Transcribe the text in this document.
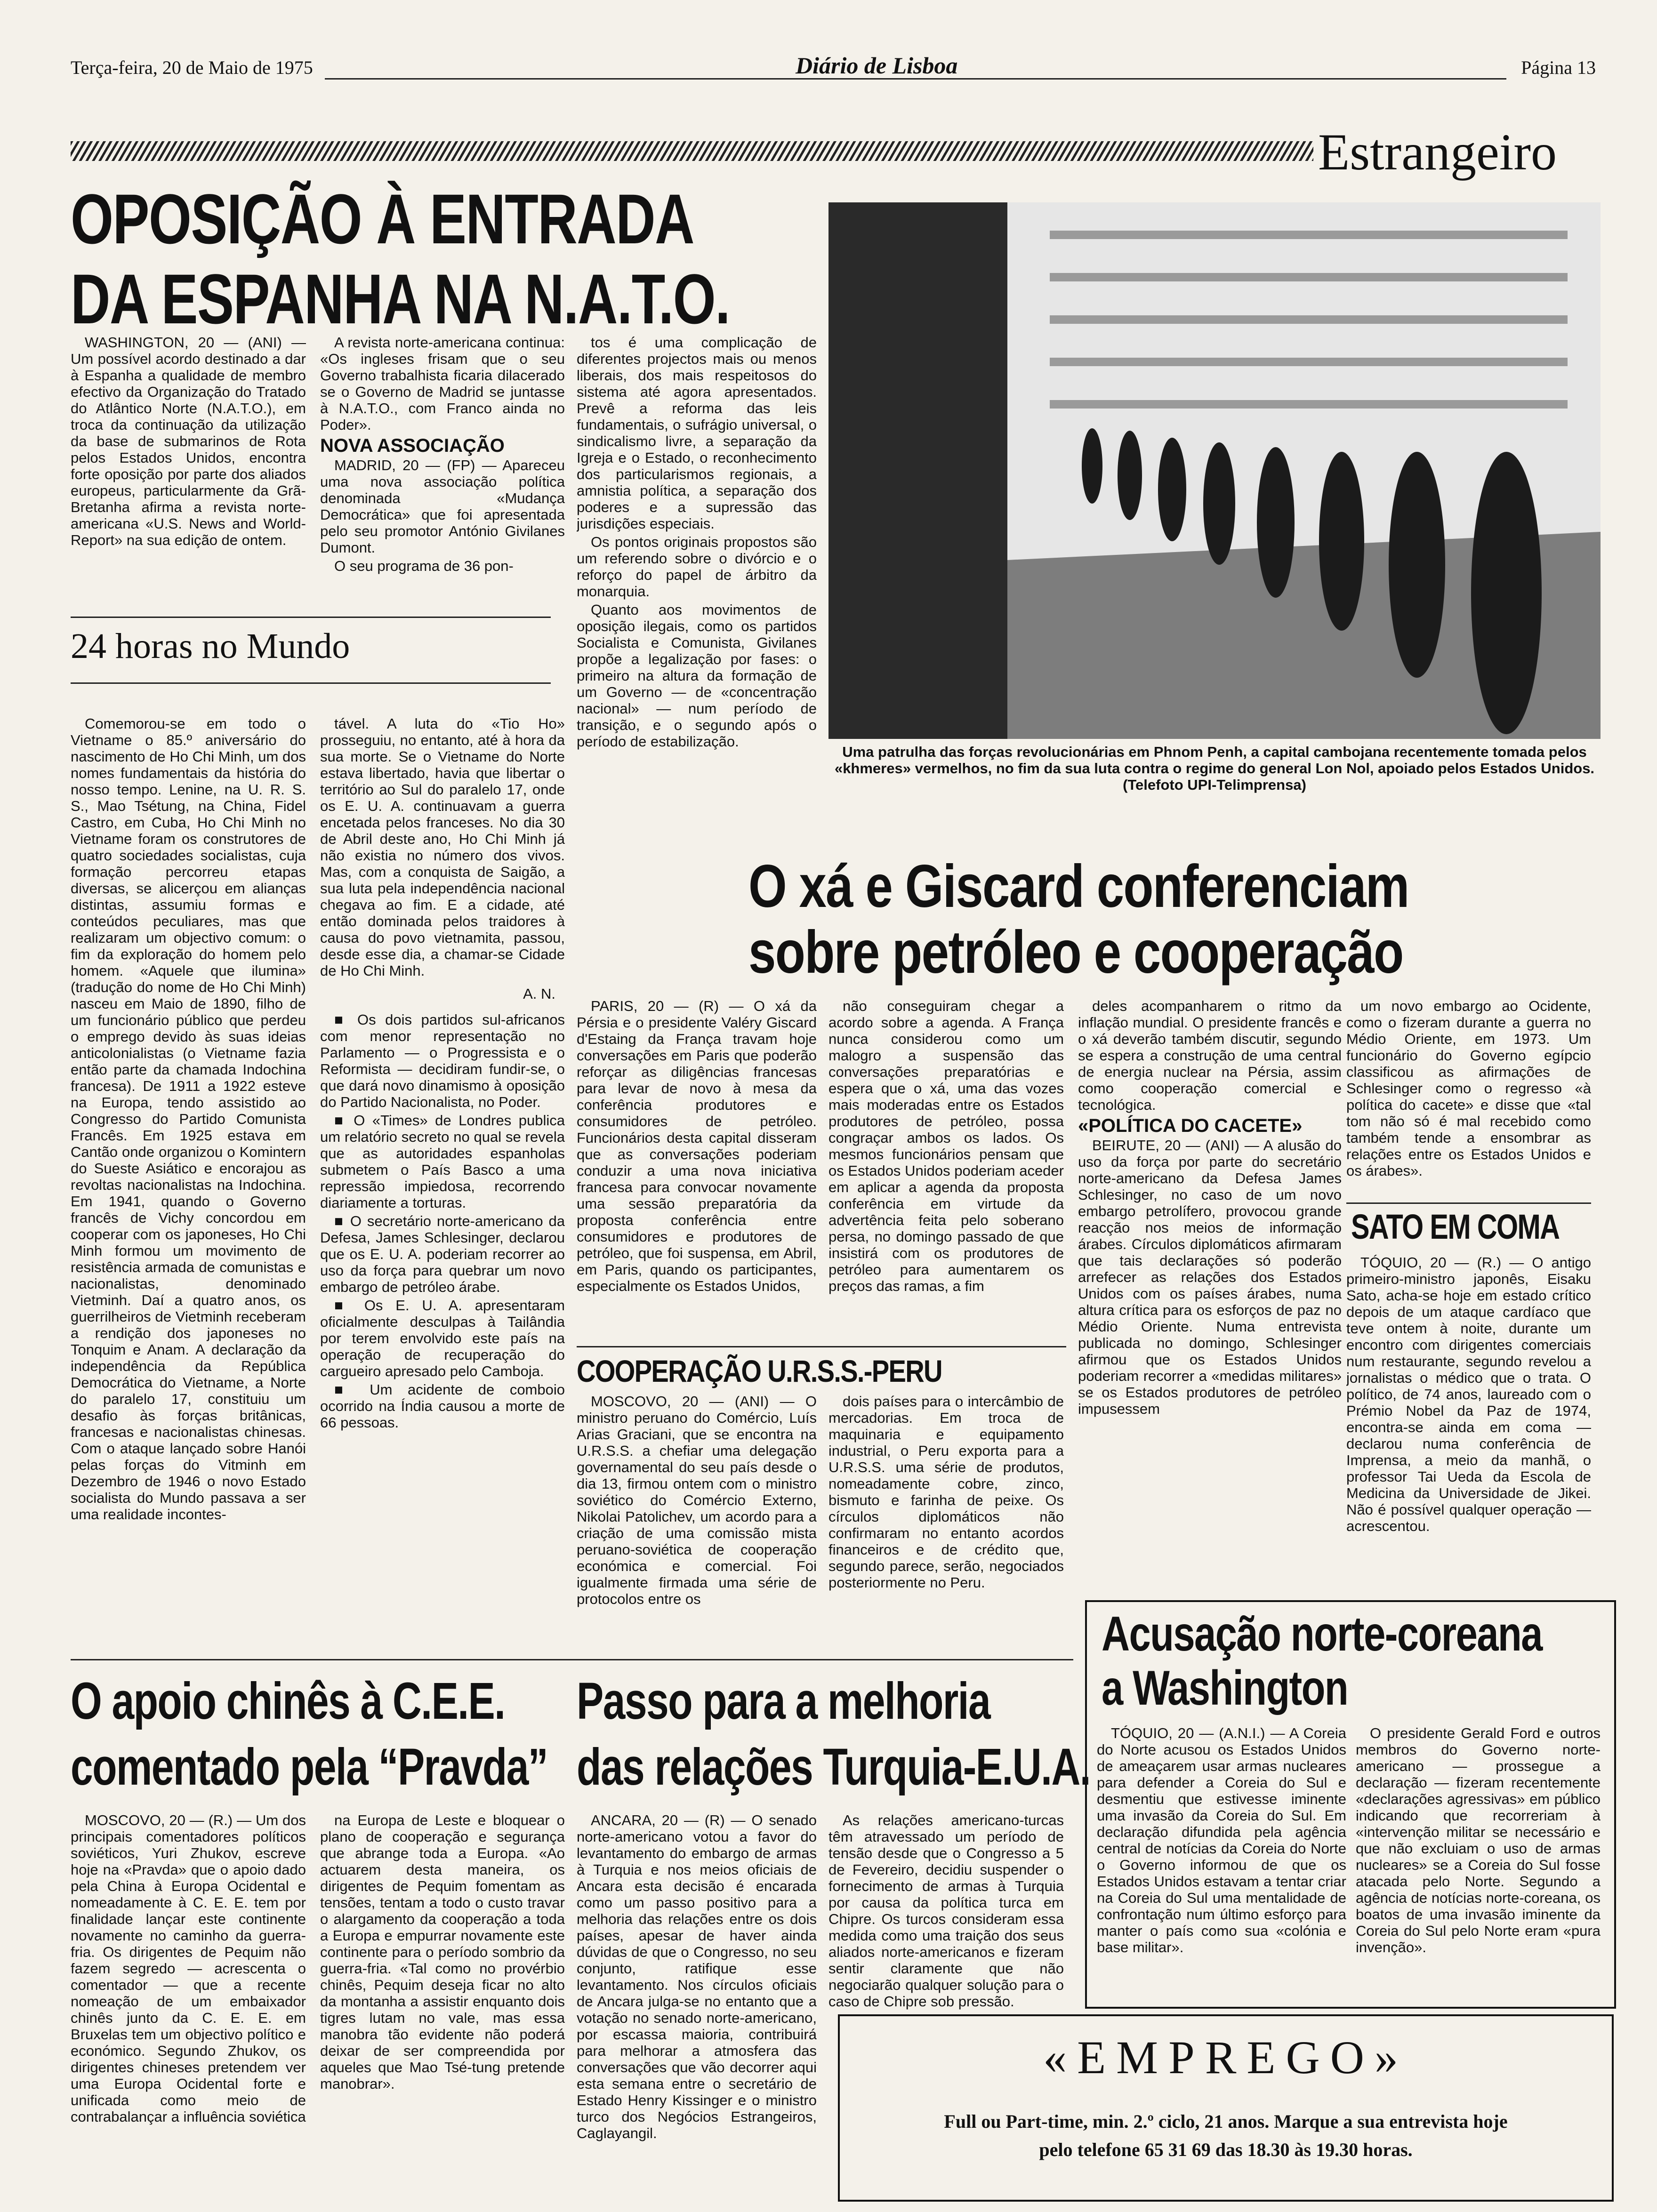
Terça-feira, 20 de Maio de 1975	Diário de Lisboa	Página 13
Estrangeiro
OPOSIÇÃO À ENTRADA
DA ESPANHA NA N.A.T.O.

WASHINGTON, 20 — (ANI) — Um possível acordo destinado a dar à Espanha a qualidade de membro efectivo da Organização do Tratado do Atlântico Norte (N.A.T.O.), em troca da continuação da utilização da base de submarinos de Rota pelos Estados Unidos, encontra forte oposição por parte dos aliados europeus, particularmente da Grã-Bretanha afirma a revista norte-americana «U.S. News and World-Report» na sua edição de ontem.

A revista norte-americana continua: «Os ingleses frisam que o seu Governo trabalhista ficaria dilacerado se o Governo de Madrid se juntasse à N.A.T.O., com Franco ainda no Poder».

NOVA ASSOCIAÇÃO

MADRID, 20 — (FP) — Apareceu uma nova associação política denominada «Mudança Democrática» que foi apresentada pelo seu promotor António Givilanes Dumont.

O seu programa de 36 pon-

tos é uma complicação de diferentes projectos mais ou menos liberais, dos mais respeitosos do sistema até agora apresentados. Prevê a reforma das leis fundamentais, o sufrágio universal, o sindicalismo livre, a separação da Igreja e o Estado, o reconhecimento dos particularismos regionais, a amnistia política, a separação dos poderes e a supressão das jurisdições especiais.

Os pontos originais propostos são um referendo sobre o divórcio e o reforço do papel de árbitro da monarquia.

Quanto aos movimentos de oposição ilegais, como os partidos Socialista e Comunista, Givilanes propõe a legalização por fases: o primeiro na altura da formação de um Governo — de «concentração nacional» — num período de transição, e o segundo após o período de estabilização.

Uma patrulha das forças revolucionárias em Phnom Penh, a capital cambojana recentemente tomada pelos «khmeres» vermelhos, no fim da sua luta contra o regime do general Lon Nol, apoiado pelos Estados Unidos. (Telefoto UPI-Telimprensa)
24 horas no Mundo

Comemorou-se em todo o Vietname o 85.º aniversário do nascimento de Ho Chi Minh, um dos nomes fundamentais da história do nosso tempo. Lenine, na U. R. S. S., Mao Tsétung, na China, Fidel Castro, em Cuba, Ho Chi Minh no Vietname foram os construtores de quatro sociedades socialistas, cuja formação percorreu etapas diversas, se alicerçou em alianças distintas, assumiu formas e conteúdos peculiares, mas que realizaram um objectivo comum: o fim da exploração do homem pelo homem. «Aquele que ilumina» (tradução do nome de Ho Chi Minh) nasceu em Maio de 1890, filho de um funcionário público que perdeu o emprego devido às suas ideias anticolonialistas (o Vietname fazia então parte da chamada Indochina francesa). De 1911 a 1922 esteve na Europa, tendo assistido ao Congresso do Partido Comunista Francês. Em 1925 estava em Cantão onde organizou o Komintern do Sueste Asiático e encorajou as revoltas nacionalistas na Indochina. Em 1941, quando o Governo francês de Vichy concordou em cooperar com os japoneses, Ho Chi Minh formou um movimento de resistência armada de comunistas e nacionalistas, denominado Vietminh. Daí a quatro anos, os guerrilheiros de Vietminh receberam a rendição dos japoneses no Tonquim e Anam. A declaração da independência da República Democrática do Vietname, a Norte do paralelo 17, constituiu um desafio às forças britânicas, francesas e nacionalistas chinesas. Com o ataque lançado sobre Hanói pelas forças do Vitminh em Dezembro de 1946 o novo Estado socialista do Mundo passava a ser uma realidade incontes-

tável. A luta do «Tio Ho» prosseguiu, no entanto, até à hora da sua morte. Se o Vietname do Norte estava libertado, havia que libertar o território ao Sul do paralelo 17, onde os E. U. A. continuavam a guerra encetada pelos franceses. No dia 30 de Abril deste ano, Ho Chi Minh já não existia no número dos vivos. Mas, com a conquista de Saigão, a sua luta pela independência nacional chegava ao fim. E a cidade, até então dominada pelos traidores à causa do povo vietnamita, passou, desde esse dia, a chamar-se Cidade de Ho Chi Minh.

A. N.

■ Os dois partidos sul-africanos com menor representação no Parlamento — o Progressista e o Reformista — decidiram fundir-se, o que dará novo dinamismo à oposição do Partido Nacionalista, no Poder.

■ O «Times» de Londres publica um relatório secreto no qual se revela que as autoridades espanholas submetem o País Basco a uma repressão impiedosa, recorrendo diariamente a torturas.

■ O secretário norte-americano da Defesa, James Schlesinger, declarou que os E. U. A. poderiam recorrer ao uso da força para quebrar um novo embargo de petróleo árabe.

■ Os E. U. A. apresentaram oficialmente desculpas à Tailândia por terem envolvido este país na operação de recuperação do cargueiro apresado pelo Camboja.

■ Um acidente de comboio ocorrido na Índia causou a morte de 66 pessoas.

O xá e Giscard conferenciam
sobre petróleo e cooperação

PARIS, 20 — (R) — O xá da Pérsia e o presidente Valéry Giscard d'Estaing da França travam hoje conversações em Paris que poderão reforçar as diligências francesas para levar de novo à mesa da conferência produtores e consumidores de petróleo. Funcionários desta capital disseram que as conversações poderiam conduzir a uma nova iniciativa francesa para convocar novamente uma sessão preparatória da proposta conferência entre consumidores e produtores de petróleo, que foi suspensa, em Abril, em Paris, quando os participantes, especialmente os Estados Unidos,

não conseguiram chegar a acordo sobre a agenda. A França nunca considerou como um malogro a suspensão das conversações preparatórias e espera que o xá, uma das vozes mais moderadas entre os Estados produtores de petróleo, possa congraçar ambos os lados. Os mesmos funcionários pensam que os Estados Unidos poderiam aceder em aplicar a agenda da proposta conferência em virtude da advertência feita pelo soberano persa, no domingo passado de que insistirá com os produtores de petróleo para aumentarem os preços das ramas, a fim

deles acompanharem o ritmo da inflação mundial. O presidente francês e o xá deverão também discutir, segundo se espera a construção de uma central de energia nuclear na Pérsia, assim como cooperação comercial e tecnológica.

«POLÍTICA DO CACETE»

BEIRUTE, 20 — (ANI) — A alusão do uso da força por parte do secretário norte-americano da Defesa James Schlesinger, no caso de um novo embargo petrolífero, provocou grande reacção nos meios de informação árabes. Círculos diplomáticos afirmaram que tais declarações só poderão arrefecer as relações dos Estados Unidos com os países árabes, numa altura crítica para os esforços de paz no Médio Oriente. Numa entrevista publicada no domingo, Schlesinger afirmou que os Estados Unidos poderiam recorrer a «medidas militares» se os Estados produtores de petróleo impusessem

um novo embargo ao Ocidente, como o fizeram durante a guerra no Médio Oriente, em 1973. Um funcionário do Governo egípcio classificou as afirmações de Schlesinger como o regresso «à política do cacete» e disse que «tal tom não só é mal recebido como também tende a ensombrar as relações entre os Estados Unidos e os árabes».

SATO EM COMA

TÓQUIO, 20 — (R.) — O antigo primeiro-ministro japonês, Eisaku Sato, acha-se hoje em estado crítico depois de um ataque cardíaco que teve ontem à noite, durante um encontro com dirigentes comerciais num restaurante, segundo revelou a jornalistas o médico que o trata. O político, de 74 anos, laureado com o Prémio Nobel da Paz de 1974, encontra-se ainda em coma — declarou numa conferência de Imprensa, a meio da manhã, o professor Tai Ueda da Escola de Medicina da Universidade de Jikei. Não é possível qualquer operação — acrescentou.

COOPERAÇÃO U.R.S.S.-PERU

MOSCOVO, 20 — (ANI) — O ministro peruano do Comércio, Luís Arias Graciani, que se encontra na U.R.S.S. a chefiar uma delegação governamental do seu país desde o dia 13, firmou ontem com o ministro soviético do Comércio Externo, Nikolai Patolichev, um acordo para a criação de uma comissão mista peruano-soviética de cooperação económica e comercial. Foi igualmente firmada uma série de protocolos entre os

dois países para o intercâmbio de mercadorias. Em troca de maquinaria e equipamento industrial, o Peru exporta para a U.R.S.S. uma série de produtos, nomeadamente cobre, zinco, bismuto e farinha de peixe. Os círculos diplomáticos não confirmaram no entanto acordos financeiros e de crédito que, segundo parece, serão, negociados posteriormente no Peru.

O apoio chinês à C.E.E.
comentado pela “Pravda”

MOSCOVO, 20 — (R.) — Um dos principais comentadores políticos soviéticos, Yuri Zhukov, escreve hoje na «Pravda» que o apoio dado pela China à Europa Ocidental e nomeadamente à C. E. E. tem por finalidade lançar este continente novamente no caminho da guerra-fria. Os dirigentes de Pequim não fazem segredo — acrescenta o comentador — que a recente nomeação de um embaixador chinês junto da C. E. E. em Bruxelas tem um objectivo político e económico. Segundo Zhukov, os dirigentes chineses pretendem ver uma Europa Ocidental forte e unificada como meio de contrabalançar a influência soviética

na Europa de Leste e bloquear o plano de cooperação e segurança que abrange toda a Europa. «Ao actuarem desta maneira, os dirigentes de Pequim fomentam as tensões, tentam a todo o custo travar o alargamento da cooperação a toda a Europa e empurrar novamente este continente para o período sombrio da guerra-fria. «Tal como no provérbio chinês, Pequim deseja ficar no alto da montanha a assistir enquanto dois tigres lutam no vale, mas essa manobra tão evidente não poderá deixar de ser compreendida por aqueles que Mao Tsé-tung pretende manobrar».

Passo para a melhoria
das relações Turquia-E.U.A.

ANCARA, 20 — (R) — O senado norte-americano votou a favor do levantamento do embargo de armas à Turquia e nos meios oficiais de Ancara esta decisão é encarada como um passo positivo para a melhoria das relações entre os dois países, apesar de haver ainda dúvidas de que o Congresso, no seu conjunto, ratifique esse levantamento. Nos círculos oficiais de Ancara julga-se no entanto que a votação no senado norte-americano, por escassa maioria, contribuirá para melhorar a atmosfera das conversações que vão decorrer aqui esta semana entre o secretário de Estado Henry Kissinger e o ministro turco dos Negócios Estrangeiros, Caglayangil.

As relações americano-turcas têm atravessado um período de tensão desde que o Congresso a 5 de Fevereiro, decidiu suspender o fornecimento de armas à Turquia por causa da política turca em Chipre. Os turcos consideram essa medida como uma traição dos seus aliados norte-americanos e fizeram sentir claramente que não negociarão qualquer solução para o caso de Chipre sob pressão.

Acusação norte-coreana
a Washington

TÓQUIO, 20 — (A.N.I.) — A Coreia do Norte acusou os Estados Unidos de ameaçarem usar armas nucleares para defender a Coreia do Sul e desmentiu que estivesse iminente uma invasão da Coreia do Sul. Em declaração difundida pela agência central de notícias da Coreia do Norte o Governo informou de que os Estados Unidos estavam a tentar criar na Coreia do Sul uma mentalidade de confrontação num último esforço para manter o país como sua «colónia e base militar».

O presidente Gerald Ford e outros membros do Governo norte-americano — prossegue a declaração — fizeram recentemente «declarações agressivas» em público indicando que recorreriam à «intervenção militar se necessário e que não excluiam o uso de armas nucleares» se a Coreia do Sul fosse atacada pelo Norte. Segundo a agência de notícias norte-coreana, os boatos de uma invasão iminente da Coreia do Sul pelo Norte eram «pura invenção».

«EMPREGO»
Full ou Part-time, min. 2.º ciclo, 21 anos. Marque a sua entrevista hoje
pelo telefone 65 31 69 das 18.30 às 19.30 horas.
